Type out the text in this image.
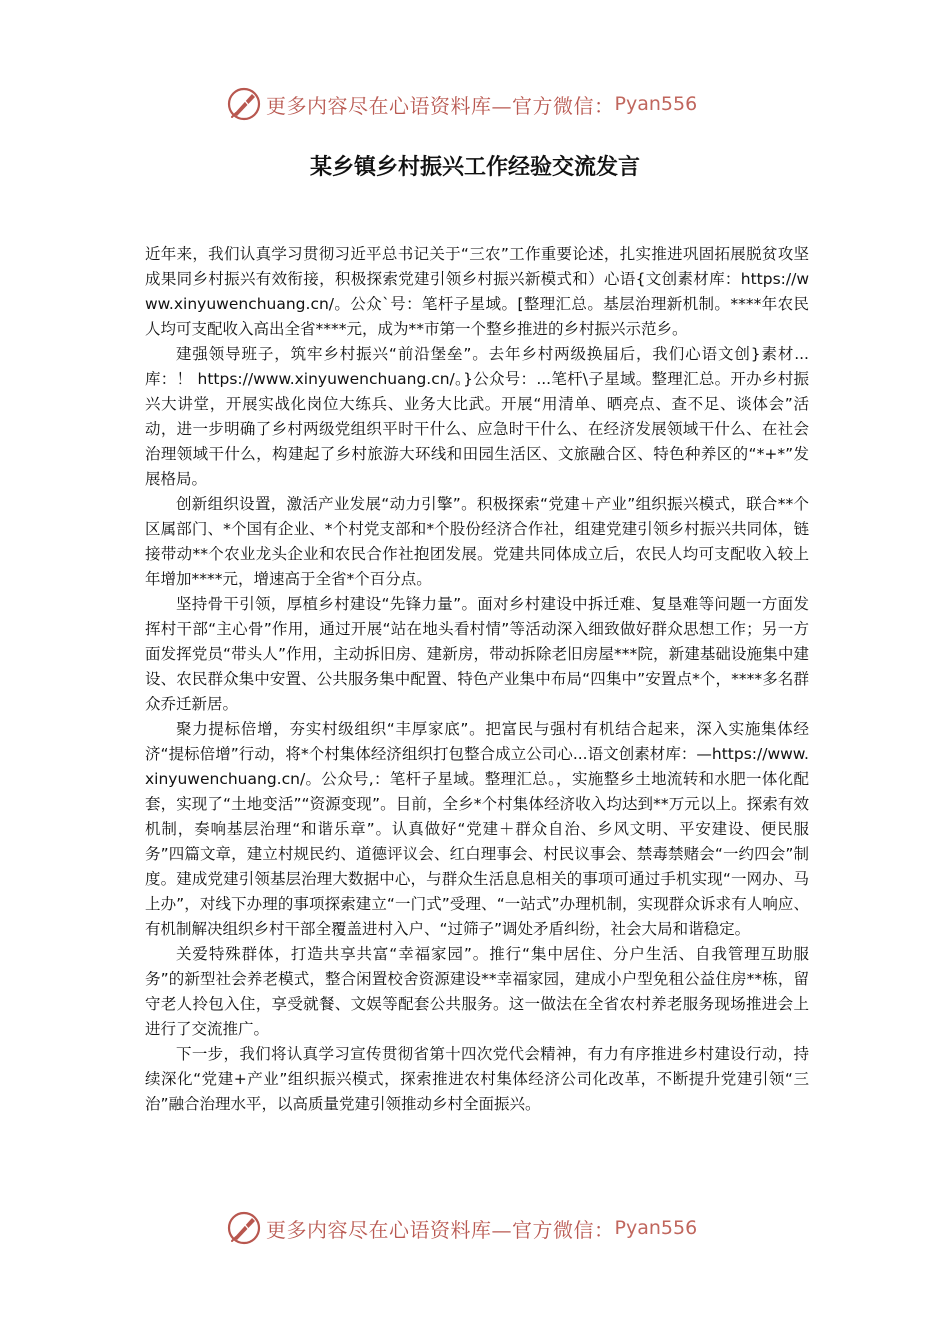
更多内容尽在心语资料库—官方微信： Pyan556
某乡镇乡村振兴工作经验交流发言

近年来，我们认真学习贯彻习近平总书记关于“三农”工作重要论述，扎实推进巩固拓展脱贫攻坚成果同乡村振兴有效衔接，积极探索党建引领乡村振兴新模式和）心语{文创素材库：https://www.xinyuwenchuang.cn/。公众`号：笔杆子星域。[整理汇总。基层治理新机制。****年农民人均可支配收入高出全省****元，成为**市第一个整乡推进的乡村振兴示范乡。

建强领导班子，筑牢乡村振兴“前沿堡垒”。去年乡村两级换届后，我们心语文创}素材...库：！ https://www.xinyuwenchuang.cn/。}公众号：...笔杆\子星域。整理汇总。开办乡村振兴大讲堂，开展实战化岗位大练兵、业务大比武。开展“用清单、晒亮点、查不足、谈体会”活动，进一步明确了乡村两级党组织平时干什么、应急时干什么、在经济发展领域干什么、在社会治理领域干什么，构建起了乡村旅游大环线和田园生活区、文旅融合区、特色种养区的“*+*”发展格局。

创新组织设置，激活产业发展“动力引擎”。积极探索“党建＋产业”组织振兴模式，联合**个区属部门、*个国有企业、*个村党支部和*个股份经济合作社，组建党建引领乡村振兴共同体，链接带动**个农业龙头企业和农民合作社抱团发展。党建共同体成立后，农民人均可支配收入较上年增加****元，增速高于全省*个百分点。

坚持骨干引领，厚植乡村建设“先锋力量”。面对乡村建设中拆迁难、复垦难等问题一方面发挥村干部“主心骨”作用，通过开展“站在地头看村情”等活动深入细致做好群众思想工作；另一方面发挥党员“带头人”作用，主动拆旧房、建新房，带动拆除老旧房屋***院，新建基础设施集中建设、农民群众集中安置、公共服务集中配置、特色产业集中布局“四集中”安置点*个，****多名群众乔迁新居。

聚力提标倍增，夯实村级组织“丰厚家底”。把富民与强村有机结合起来，深入实施集体经济“提标倍增”行动，将*个村集体经济组织打包整合成立公司心...语文创素材库：—https://www.xinyuwenchuang.cn/。公众号,：笔杆子星域。整理汇总。，实施整乡土地流转和水肥一体化配套，实现了“土地变活”“资源变现”。目前，全乡*个村集体经济收入均达到**万元以上。探索有效机制，奏响基层治理“和谐乐章”。认真做好“党建＋群众自治、乡风文明、平安建设、便民服务”四篇文章，建立村规民约、道德评议会、红白理事会、村民议事会、禁毒禁赌会“一约四会”制度。建成党建引领基层治理大数据中心，与群众生活息息相关的事项可通过手机实现“一网办、马上办”，对线下办理的事项探索建立“一门式”受理、“一站式”办理机制，实现群众诉求有人响应、有机制解决组织乡村干部全覆盖进村入户、“过筛子”调处矛盾纠纷，社会大局和谐稳定。

关爱特殊群体，打造共享共富“幸福家园”。推行“集中居住、分户生活、自我管理互助服务”的新型社会养老模式，整合闲置校舍资源建设**幸福家园，建成小户型免租公益住房**栋，留守老人拎包入住，享受就餐、文娱等配套公共服务。这一做法在全省农村养老服务现场推进会上进行了交流推广。

下一步，我们将认真学习宣传贯彻省第十四次党代会精神，有力有序推进乡村建设行动，持续深化“党建+产业”组织振兴模式，探索推进农村集体经济公司化改革，不断提升党建引领“三治”融合治理水平，以高质量党建引领推动乡村全面振兴。

更多内容尽在心语资料库—官方微信： Pyan556
